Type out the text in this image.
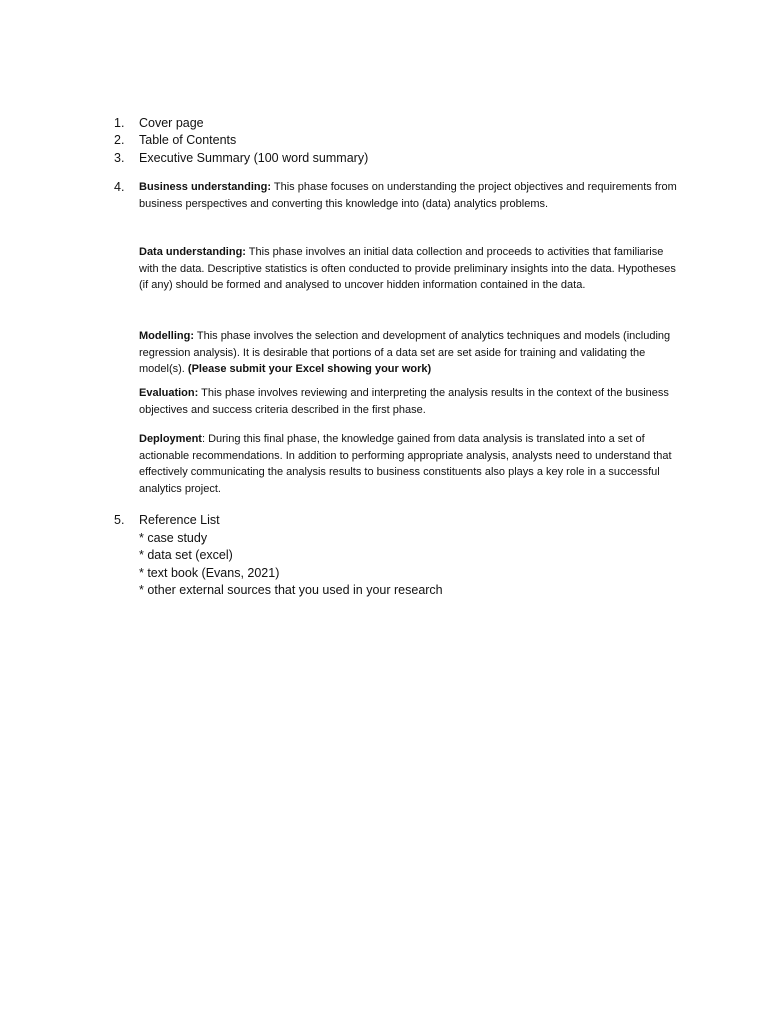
1.	Cover page
2.	Table of Contents
3.	Executive Summary (100 word summary)
4.	Business understanding: This phase focuses on understanding the project objectives and requirements from business perspectives and converting this knowledge into (data) analytics problems.
Data understanding: This phase involves an initial data collection and proceeds to activities that familiarise with the data. Descriptive statistics is often conducted to provide preliminary insights into the data. Hypotheses (if any) should be formed and analysed to uncover hidden information contained in the data.
Modelling: This phase involves the selection and development of analytics techniques and models (including regression analysis). It is desirable that portions of a data set are set aside for training and validating the model(s). (Please submit your Excel showing your work)
Evaluation: This phase involves reviewing and interpreting the analysis results in the context of the business objectives and success criteria described in the first phase.
Deployment: During this final phase, the knowledge gained from data analysis is translated into a set of actionable recommendations. In addition to performing appropriate analysis, analysts need to understand that effectively communicating the analysis results to business constituents also plays a key role in a successful analytics project.
5.	Reference List
* case study
* data set (excel)
* text book (Evans, 2021)
* other external sources that you used in your research
